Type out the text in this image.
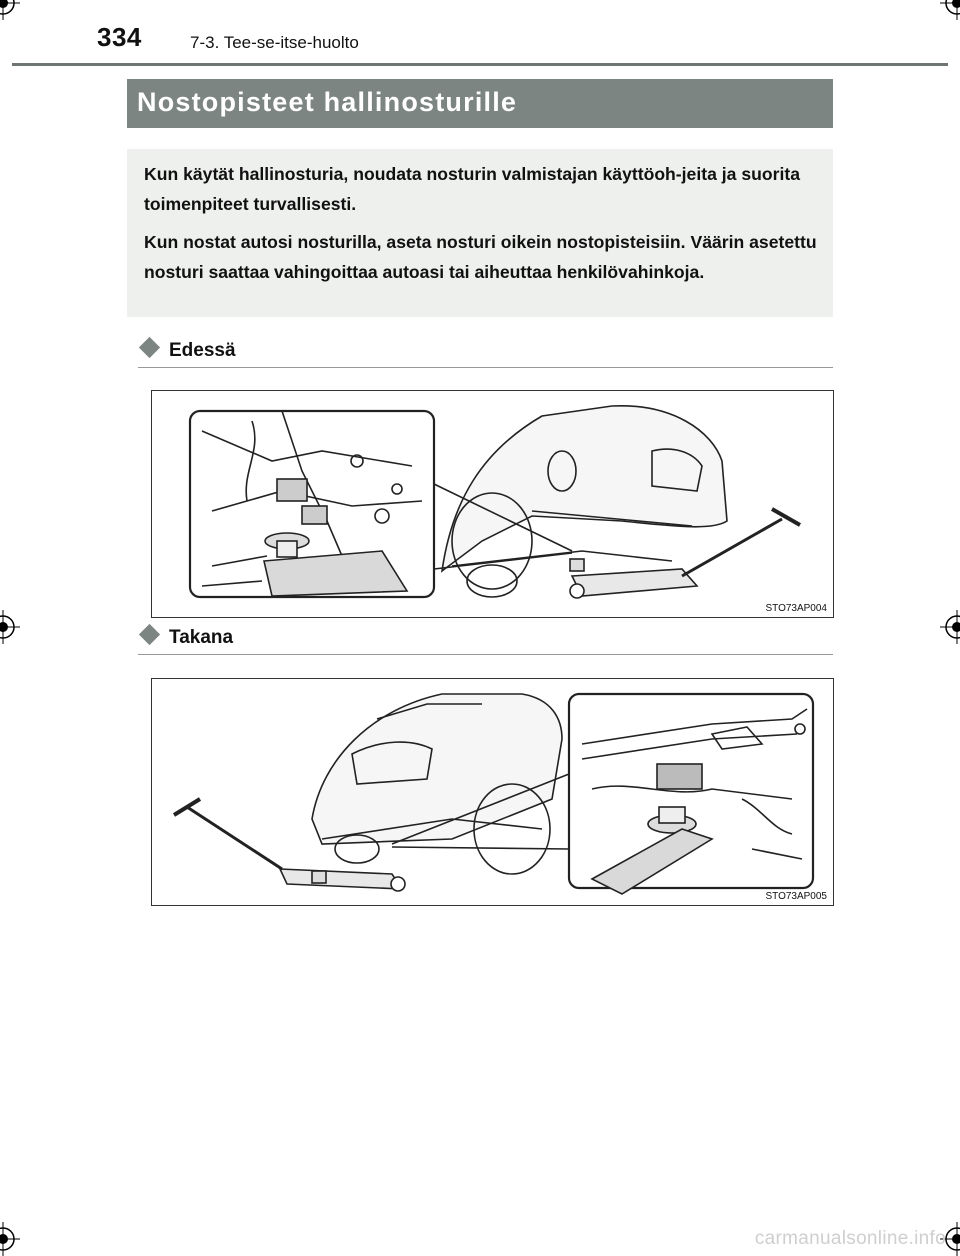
334	7-3. Tee-se-itse-huolto
Nostopisteet hallinosturille

Kun käytät hallinosturia, noudata nosturin valmistajan käyttöoh-jeita ja suorita toimenpiteet turvallisesti.

Kun nostat autosi nosturilla, aseta nosturi oikein nostopisteisiin. Väärin asetettu nosturi saattaa vahingoittaa autoasi tai aiheuttaa henkilövahinkoja.

Edessä
STO73AP004
Takana
STO73AP005
carmanualsonline.info
